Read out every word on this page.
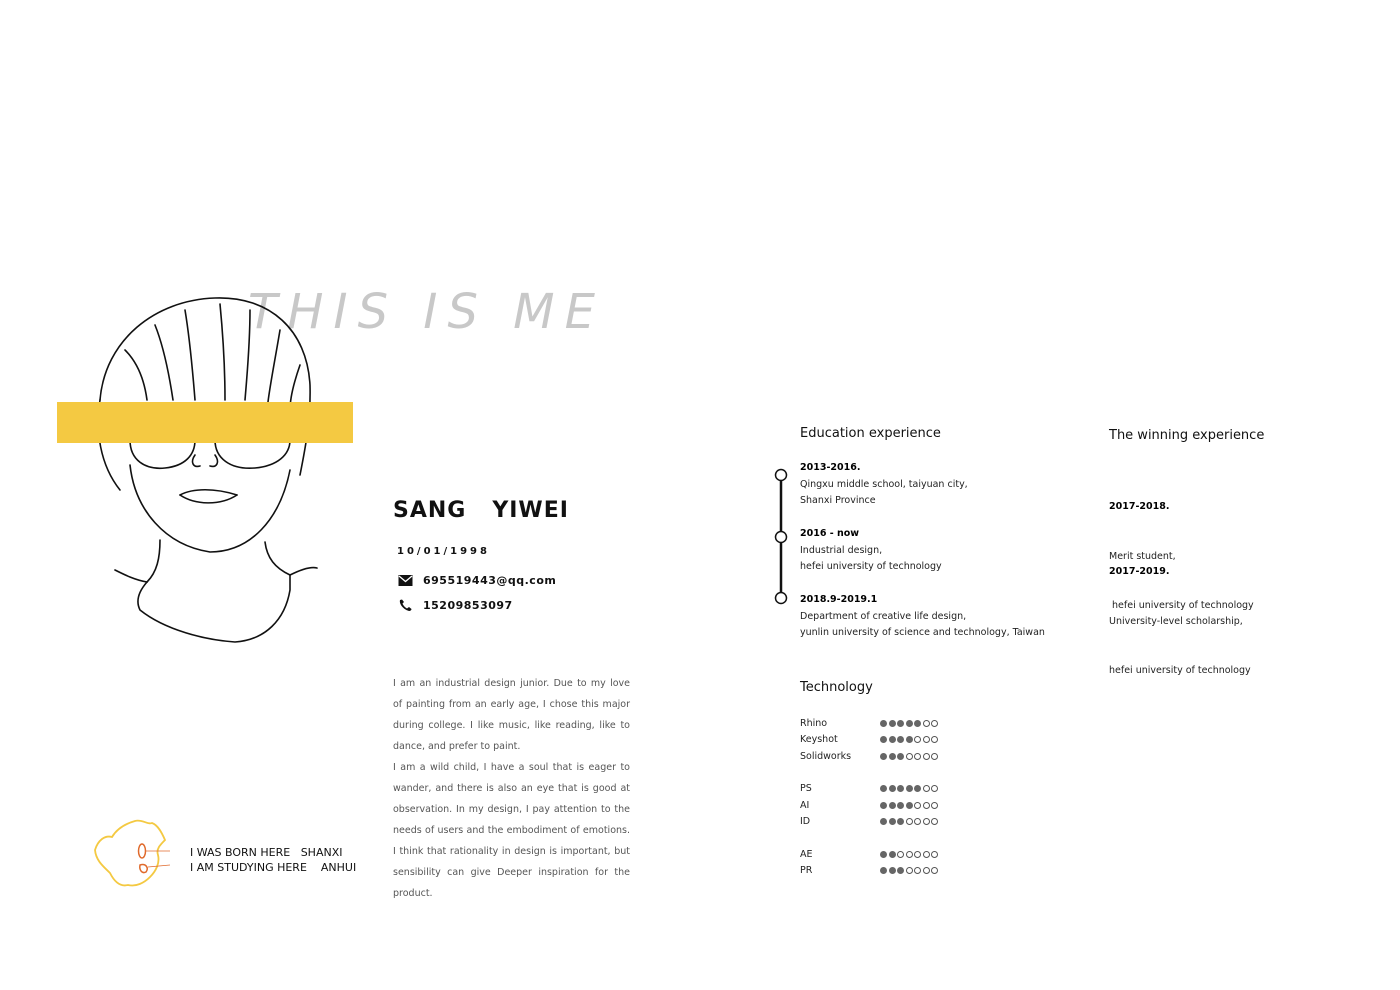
THIS IS ME
SANG   YIWEI
10/01/1998
695519443@qq.com
15209853097

I am an industrial design junior. Due to my love of painting from an early age, I chose this major during college. I like music, like reading, like to dance, and prefer to paint.

I am a wild child, I have a soul that is eager to wander, and there is also an eye that is good at observation. In my design, I pay attention to the needs of users and the embodiment of emotions. I think that rationality in design is important, but sensibility can give Deeper inspiration for the product.

I WAS BORN HERE   SHANXI
I AM STUDYING HERE    ANHUI
Education experience
2013-2016.
Qingxu middle school, taiyuan city,
Shanxi Province
2016 - now
Industrial design,
hefei university of technology
2018.9-2019.1
Department of creative life design,
yunlin university of science and technology, Taiwan
The winning experience

2017-2018.

Merit student,

hefei university of technology

2017-2019.

University-level scholarship,

hefei university of technology

Technology
Rhino
Keyshot
Solidworks
PS
AI
ID
AE
PR
